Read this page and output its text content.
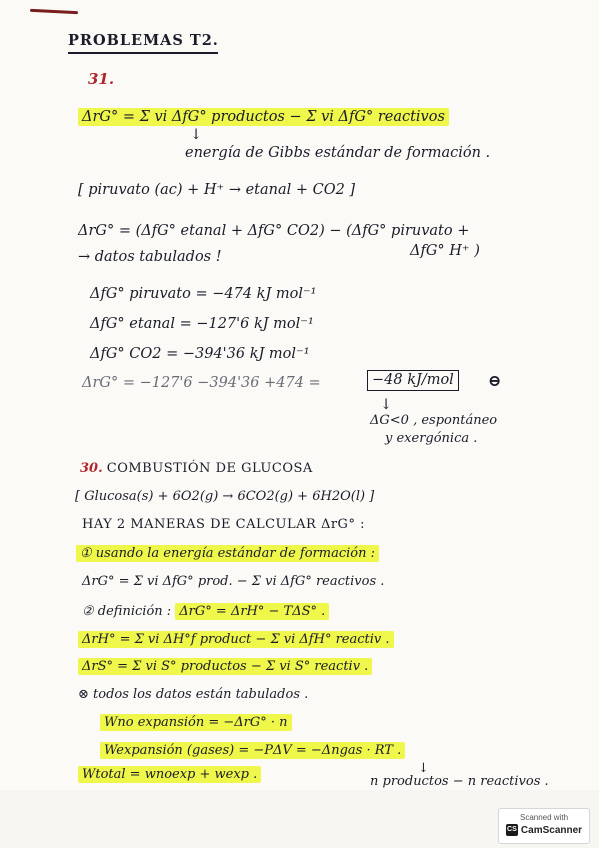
PROBLEMAS T2.
31.
ΔrG° = Σ vi ΔfG° productos − Σ vi ΔfG° reactivos
↓
energía de Gibbs estándar de formación .
[ piruvato (ac) + H⁺ → etanal + CO2 ]
ΔrG° = (ΔfG° etanal + ΔfG° CO2) − (ΔfG° piruvato +
→ datos tabulados !	ΔfG° H⁺ )
ΔfG° piruvato = −474 kJ mol⁻¹
ΔfG° etanal = −127'6 kJ mol⁻¹
ΔfG° CO2 = −394'36 kJ mol⁻¹
ΔrG° = −127'6 −394'36 +474 =	−48 kJ/mol	⊖
↓
ΔG<0 , espontáneo
y exergónica .
30. COMBUSTIÓN DE GLUCOSA
[ Glucosa(s) + 6O2(g) → 6CO2(g) + 6H2O(l) ]
HAY 2 MANERAS DE CALCULAR ΔrG° :
① usando la energía estándar de formación :
ΔrG° = Σ vi ΔfG° prod. − Σ vi ΔfG° reactivos .
② definición : ΔrG° = ΔrH° − TΔS° .
ΔrH° = Σ vi ΔH°f product − Σ vi ΔfH° reactiv .
ΔrS° = Σ vi S° productos − Σ vi S° reactiv .
⊗ todos los datos están tabulados .
Wno expansión = −ΔrG° · n
Wexpansión (gases) = −PΔV = −Δngas · RT .
Wtotal = wnoexp + wexp .	↓
n productos − n reactivos .
Scanned with
CS CamScanner
